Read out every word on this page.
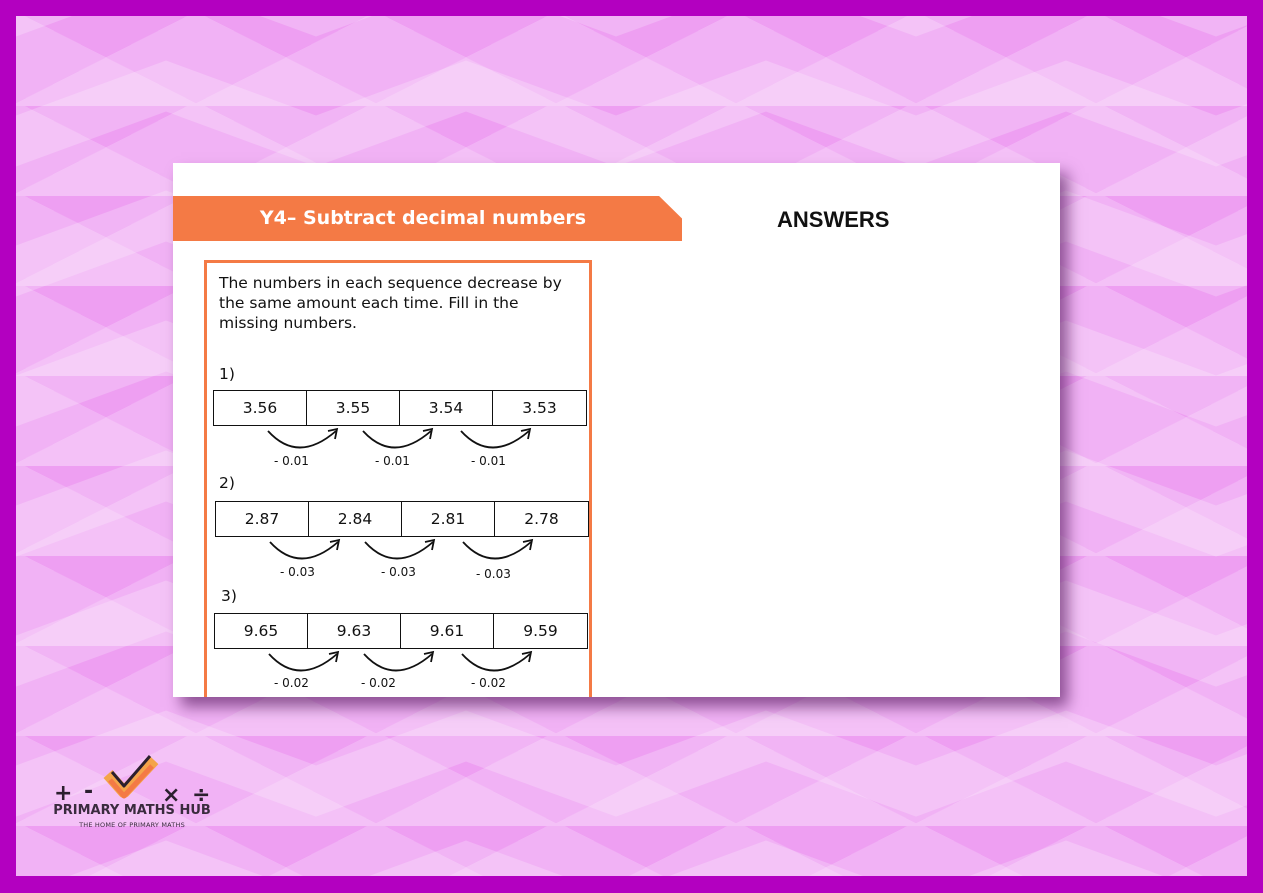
Y4– Subtract decimal numbers	ANSWERS
The numbers in each sequence decrease by the same amount each time. Fill in the missing numbers.
1)
3.56	3.55	3.54	3.53
- 0.01	- 0.01	- 0.01
2)
2.87	2.84	2.81	2.78
- 0.03	- 0.03	- 0.03
3)
9.65	9.63	9.61	9.59
- 0.02	- 0.02	- 0.02
+ -	× ÷
PRIMARY MATHS HUB
THE HOME OF PRIMARY MATHS
